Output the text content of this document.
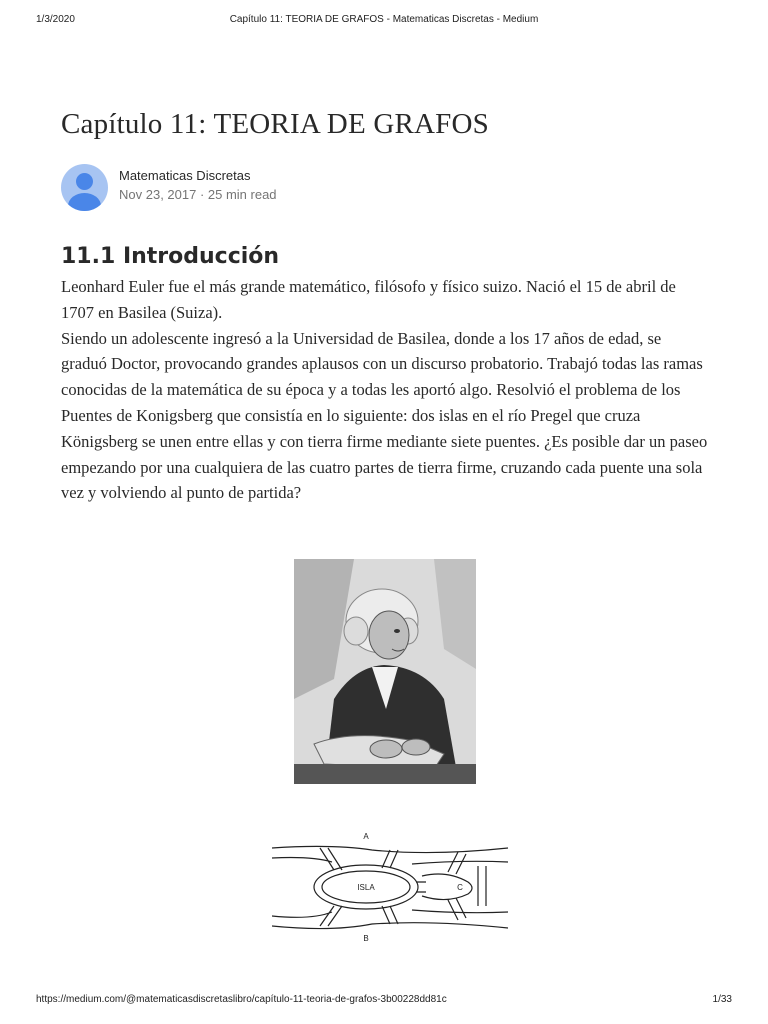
1/3/2020	Capítulo 11: TEORIA DE GRAFOS - Matematicas Discretas - Medium
Capítulo 11: TEORIA DE GRAFOS
Matematicas Discretas
Nov 23, 2017 · 25 min read
11.1 Introducción

Leonhard Euler fue el más grande matemático, filósofo y físico suizo. Nació el 15 de abril de 1707 en Basilea (Suiza).

Siendo un adolescente ingresó a la Universidad de Basilea, donde a los 17 años de edad, se graduó Doctor, provocando grandes aplausos con un discurso probatorio. Trabajó todas las ramas conocidas de la matemática de su época y a todas les aportó algo. Resolvió el problema de los Puentes de Konigsberg que consistía en lo siguiente: dos islas en el río Pregel que cruza Königsberg se unen entre ellas y con tierra firme mediante siete puentes. ¿Es posible dar un paseo empezando por una cualquiera de las cuatro partes de tierra firme, cruzando cada puente una sola vez y volviendo al punto de partida?

A
B
C
ISLA
https://medium.com/@matematicasdiscretaslibro/capítulo-11-teoria-de-grafos-3b00228dd81c	1/33
